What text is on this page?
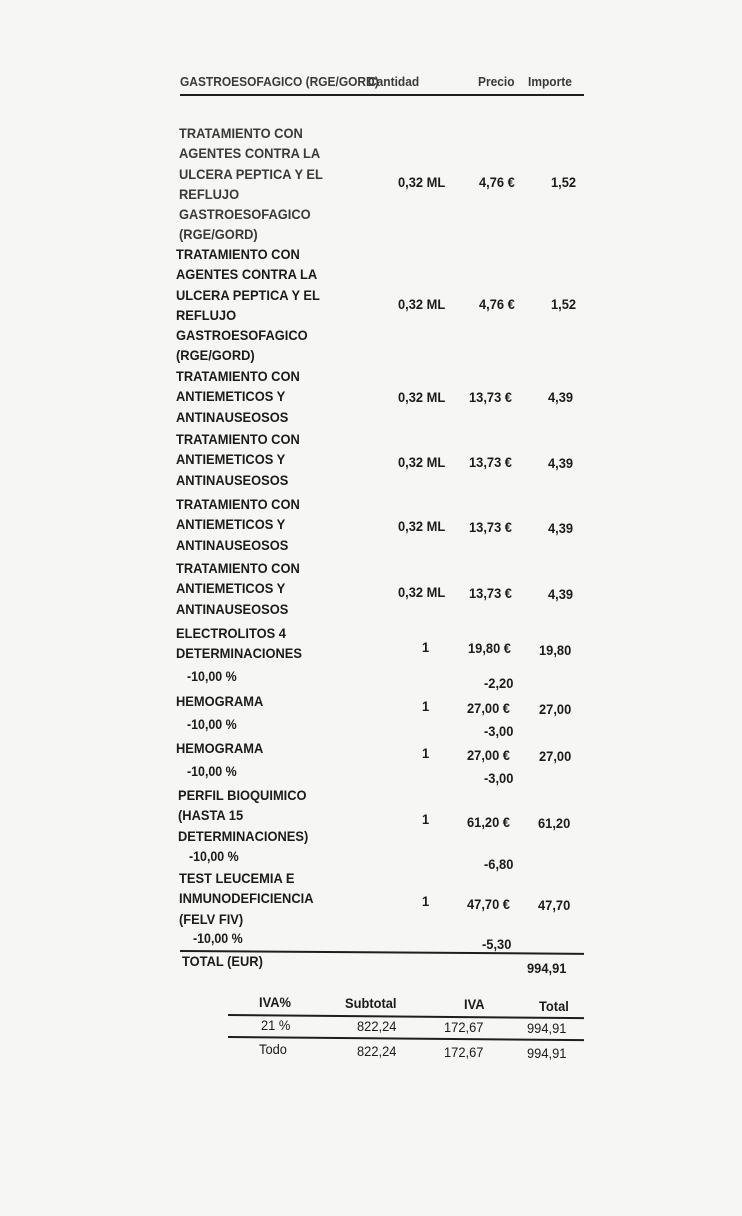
GASTROESOFAGICO (RGE/GORD)
Cantidad	Precio Importe
TRATAMIENTO CON
AGENTES CONTRA LA
ULCERA PEPTICA Y EL
REFLUJO
GASTROESOFAGICO
(RGE/GORD)
0,32 ML 4,76 €	1,52
TRATAMIENTO CON
AGENTES CONTRA LA
ULCERA PEPTICA Y EL
REFLUJO
GASTROESOFAGICO
(RGE/GORD)
0,32 ML 4,76 €	1,52
TRATAMIENTO CON
ANTIEMETICOS Y
ANTINAUSEOSOS
0,32 ML 13,73 €	4,39
TRATAMIENTO CON
ANTIEMETICOS Y
ANTINAUSEOSOS
0,32 ML 13,73 €	4,39
TRATAMIENTO CON
ANTIEMETICOS Y
ANTINAUSEOSOS
0,32 ML 13,73 €	4,39
TRATAMIENTO CON
ANTIEMETICOS Y
ANTINAUSEOSOS
0,32 ML 13,73 €	4,39
ELECTROLITOS 4
DETERMINACIONES	1	19,80 € 19,80
-10,00 %	-2,20
HEMOGRAMA	1	27,00 € 27,00
-10,00 %	-3,00
HEMOGRAMA	1	27,00 € 27,00
-10,00 %	-3,00
PERFIL BIOQUIMICO
(HASTA 15
DETERMINACIONES)
1	61,20 € 61,20
-10,00 %	-6,80
TEST LEUCEMIA E
INMUNODEFICIENCIA
(FELV FIV)
1	47,70 € 47,70
-10,00 %	-5,30
TOTAL (EUR)	994,91
IVA%	Subtotal	IVA	Total
21 %	822,24	172,67	994,91
Todo	822,24	172,67	994,91
